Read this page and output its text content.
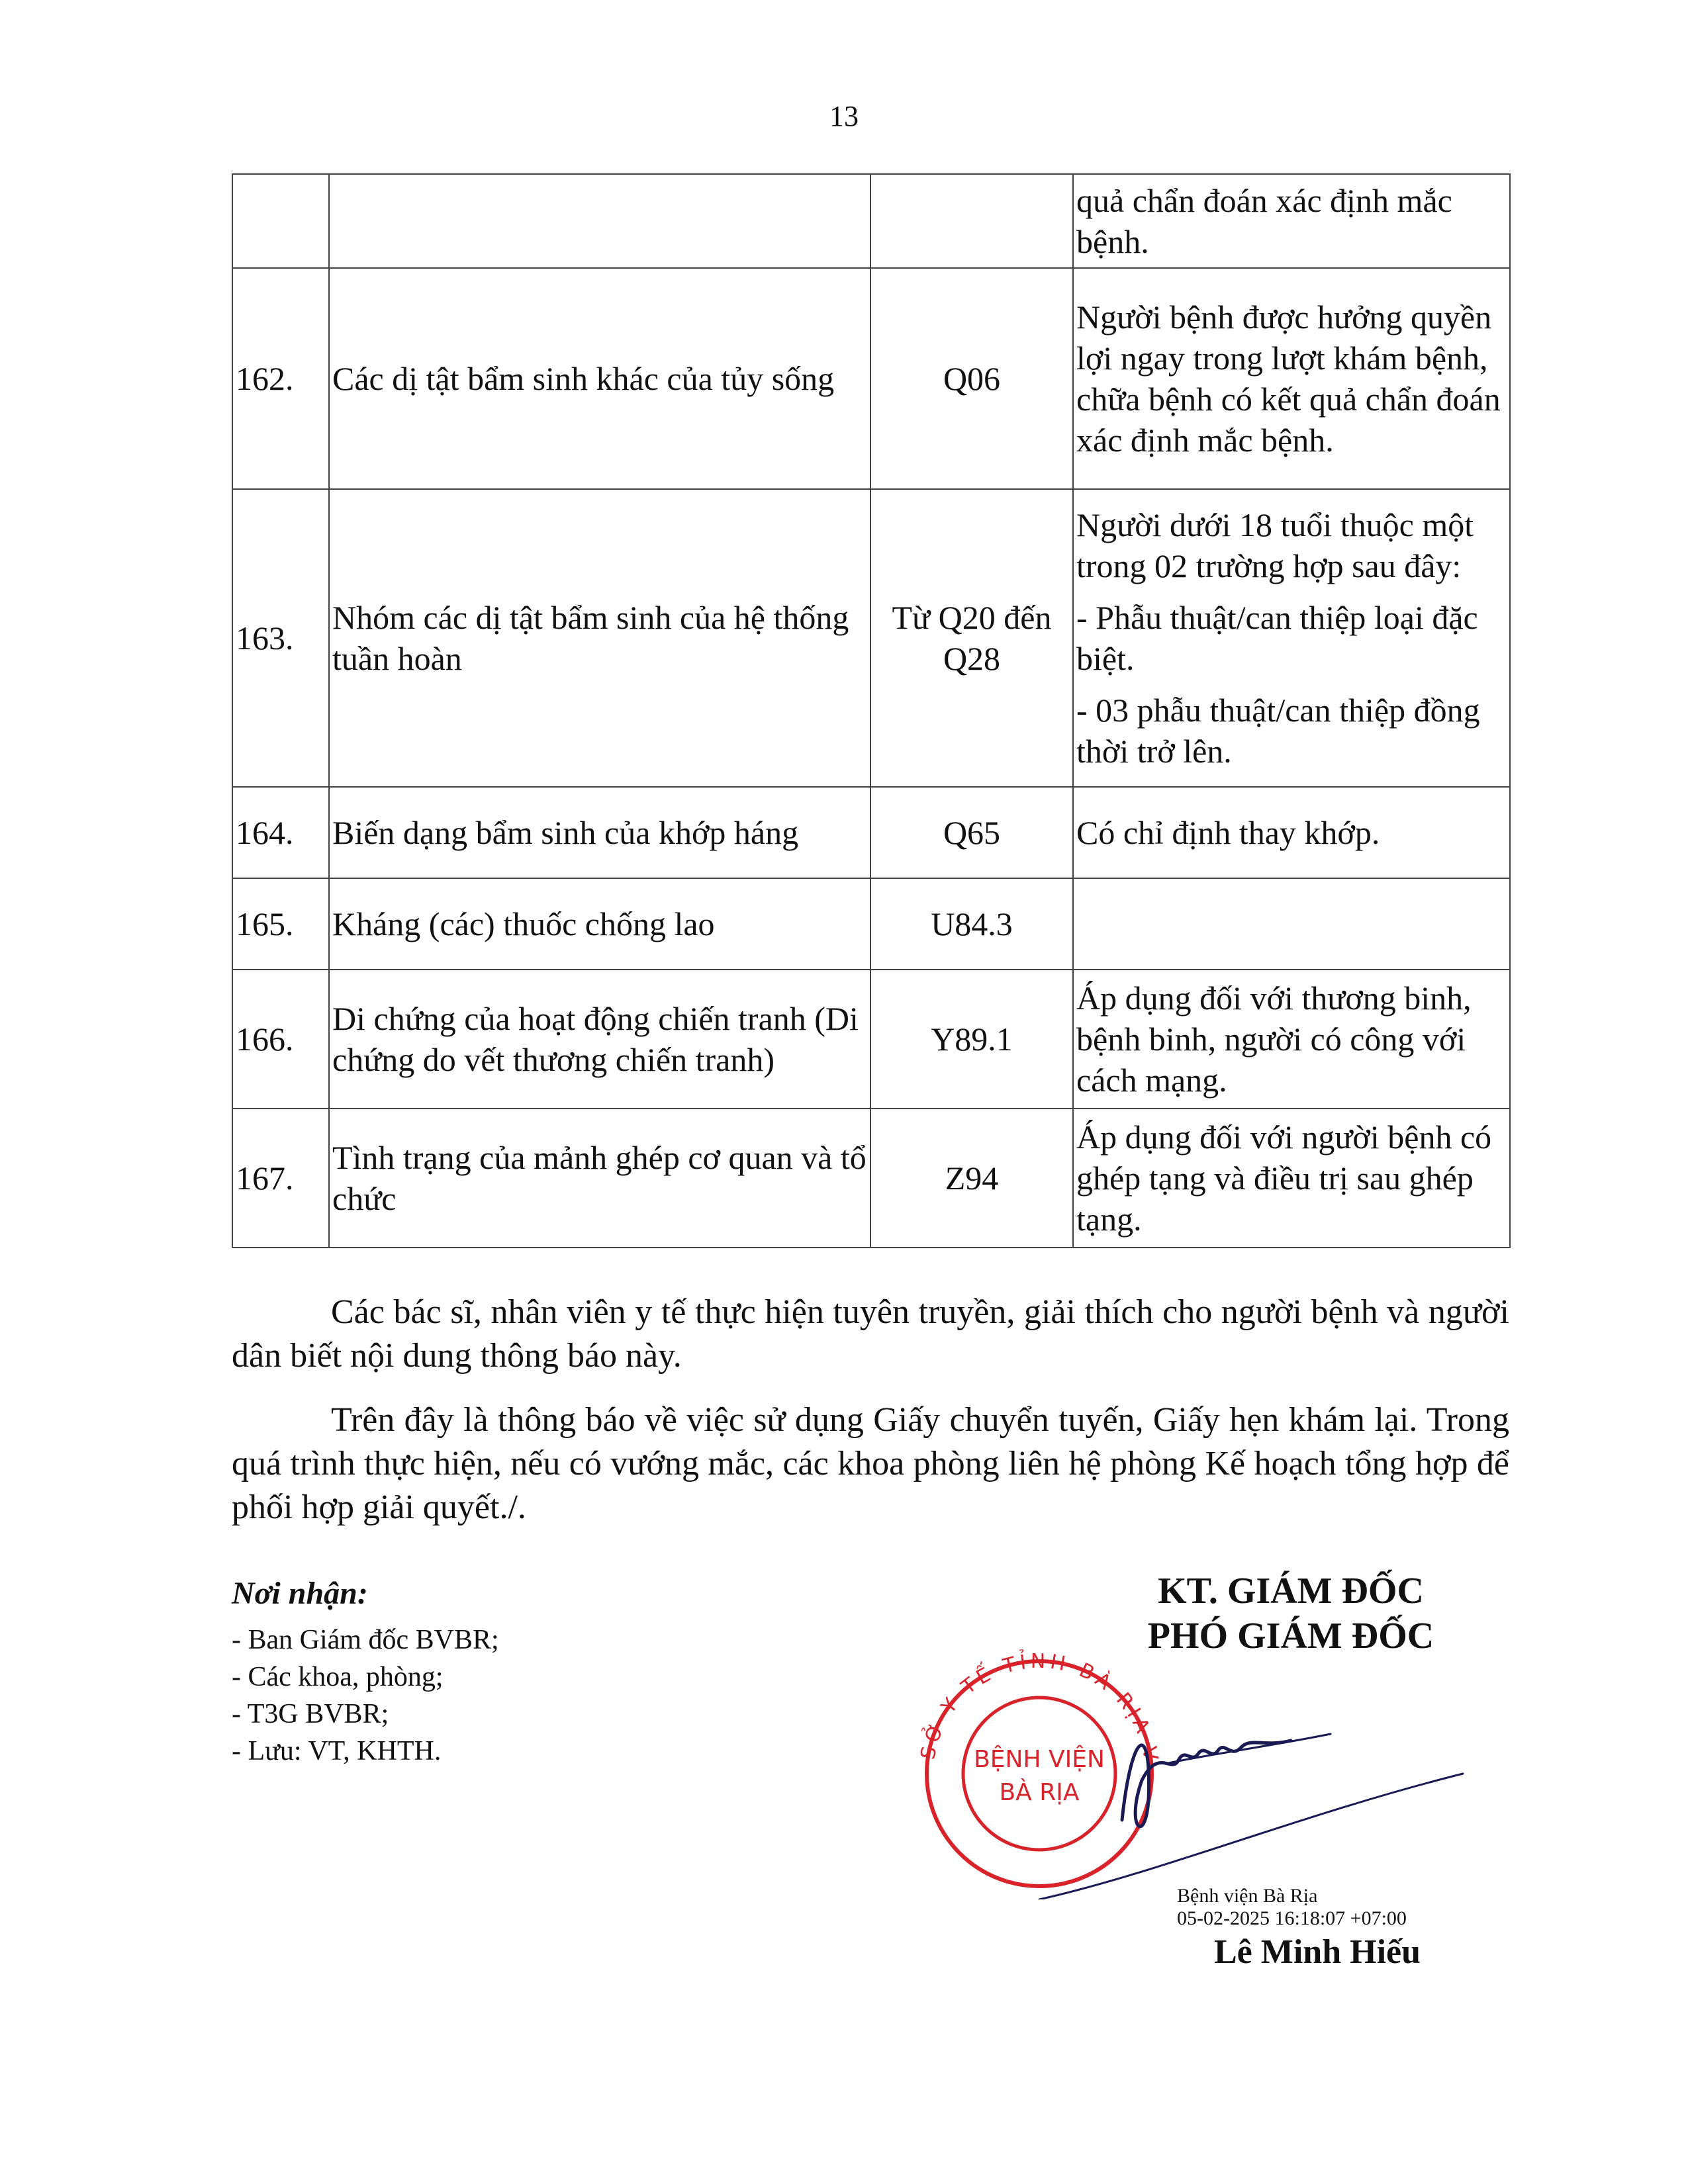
13

			quả chẩn đoán xác định mắc bệnh.

162.	Các dị tật bẩm sinh khác của tủy sống	Q06	Người bệnh được hưởng quyền lợi ngay trong lượt khám bệnh, chữa bệnh có kết quả chẩn đoán xác định mắc bệnh.

163.	Nhóm các dị tật bẩm sinh của hệ thống tuần hoàn	Từ Q20 đến Q28	Người dưới 18 tuổi thuộc một trong 02 trường hợp sau đây:
- Phẫu thuật/can thiệp loại đặc biệt.
- 03 phẫu thuật/can thiệp đồng thời trở lên.

164.	Biến dạng bẩm sinh của khớp háng	Q65	Có chỉ định thay khớp.

165.	Kháng (các) thuốc chống lao	U84.3	

166.	Di chứng của hoạt động chiến tranh (Di chứng do vết thương chiến tranh)	Y89.1	Áp dụng đối với thương binh, bệnh binh, người có công với cách mạng.

167.	Tình trạng của mảnh ghép cơ quan và tổ chức	Z94	Áp dụng đối với người bệnh có ghép tạng và điều trị sau ghép tạng.
Các bác sĩ, nhân viên y tế thực hiện tuyên truyền, giải thích cho người bệnh và người dân biết nội dung thông báo này.
Trên đây là thông báo về việc sử dụng Giấy chuyển tuyến, Giấy hẹn khám lại. Trong quá trình thực hiện, nếu có vướng mắc, các khoa phòng liên hệ phòng Kế hoạch tổng hợp để phối hợp giải quyết./.
Nơi nhận:
- Ban Giám đốc BVBR;
- Các khoa, phòng;
- T3G BVBR;
- Lưu: VT, KHTH.
KT. GIÁM ĐỐC
PHÓ GIÁM ĐỐC
SỞ Y TẾ TỈNH BÀ RỊA V
BỆNH VIỆN
BÀ RỊA
Bệnh viện Bà Rịa
05-02-2025 16:18:07 +07:00
Lê Minh Hiếu
